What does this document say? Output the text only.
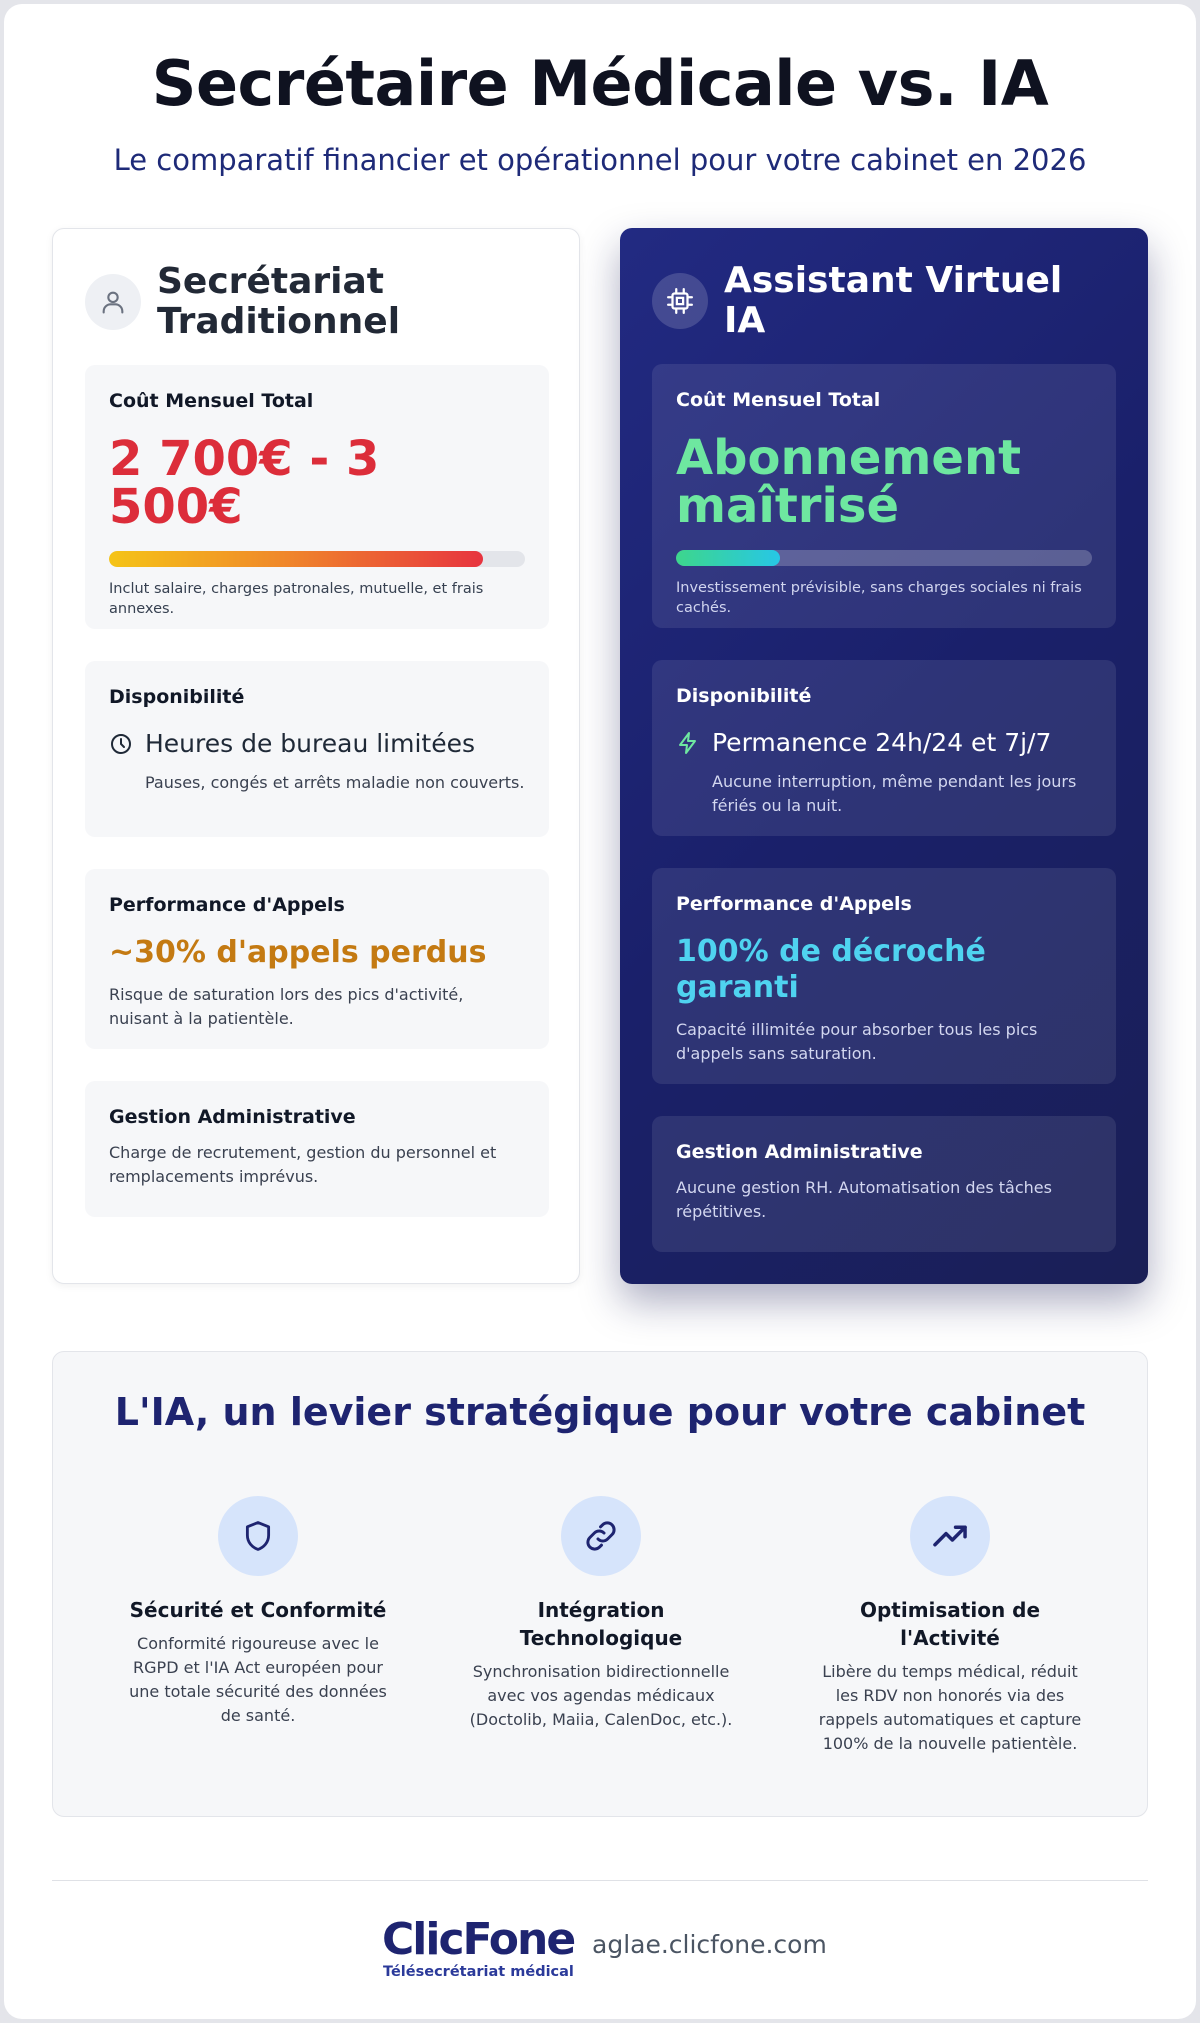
Secrétaire Médicale vs. IA

Le comparatif financier et opérationnel pour votre cabinet en 2026

Secrétariat
Traditionnel
Coût Mensuel Total
2 700€ - 3
500€
Inclut salaire, charges patronales, mutuelle, et frais annexes.
Disponibilité
Heures de bureau limitées
Pauses, congés et arrêts maladie non couverts.
Performance d'Appels
~30% d'appels perdus
Risque de saturation lors des pics d'activité, nuisant à la patientèle.
Gestion Administrative
Charge de recrutement, gestion du personnel et remplacements imprévus.
Assistant Virtuel
IA
Coût Mensuel Total
Abonnement
maîtrisé
Investissement prévisible, sans charges sociales ni frais cachés.
Disponibilité
Permanence 24h/24 et 7j/7
Aucune interruption, même pendant les jours fériés ou la nuit.
Performance d'Appels
100% de décroché
garanti
Capacité illimitée pour absorber tous les pics d'appels sans saturation.
Gestion Administrative
Aucune gestion RH. Automatisation des tâches répétitives.
L'IA, un levier stratégique pour votre cabinet
Sécurité et Conformité
Conformité rigoureuse avec le RGPD et l'IA Act européen pour une totale sécurité des données de santé.
Intégration Technologique
Synchronisation bidirectionnelle avec vos agendas médicaux (Doctolib, Maiia, CalenDoc, etc.).
Optimisation de l'Activité
Libère du temps médical, réduit les RDV non honorés via des rappels automatiques et capture 100% de la nouvelle patientèle.
ClicFone
Télésecrétariat médical
aglae.clicfone.com
